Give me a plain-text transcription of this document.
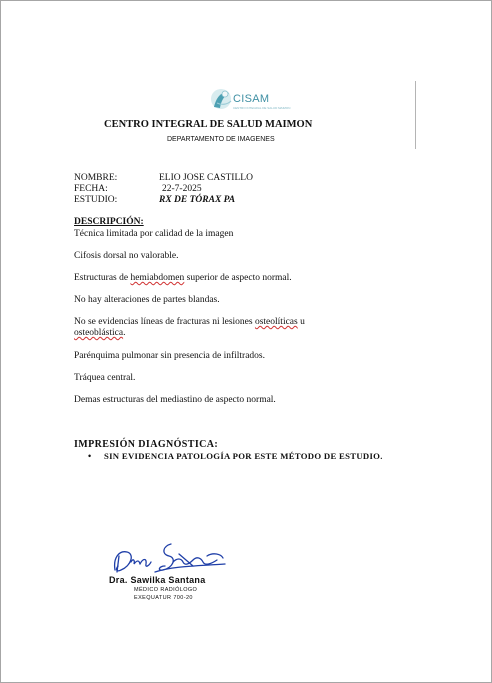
CISAM
CENTRO INTEGRAL DE SALUD MAIMON
CENTRO INTEGRAL DE SALUD MAIMON
DEPARTAMENTO DE IMAGENES
NOMBRE:	ELIO JOSE CASTILLO
FECHA:	22-7-2025
ESTUDIO:	RX DE TÓRAX PA
DESCRIPCIÓN:
Técnica limitada por calidad de la imagen
Cifosis dorsal no valorable.
Estructuras de hemiabdomen superior de aspecto normal.
No hay alteraciones de partes blandas.
No se evidencias líneas de fracturas ni lesiones osteolíticas u
osteoblástica.
Parénquima pulmonar sin presencia de infiltrados.
Tráquea central.
Demas estructuras del mediastino de aspecto normal.
IMPRESIÓN DIAGNÓSTICA:
• SIN EVIDENCIA PATOLOGÍA POR ESTE MÉTODO DE ESTUDIO.
Dra. Sawilka Santana
MÉDICO RADIÓLOGO
EXEQUATUR 700-20
